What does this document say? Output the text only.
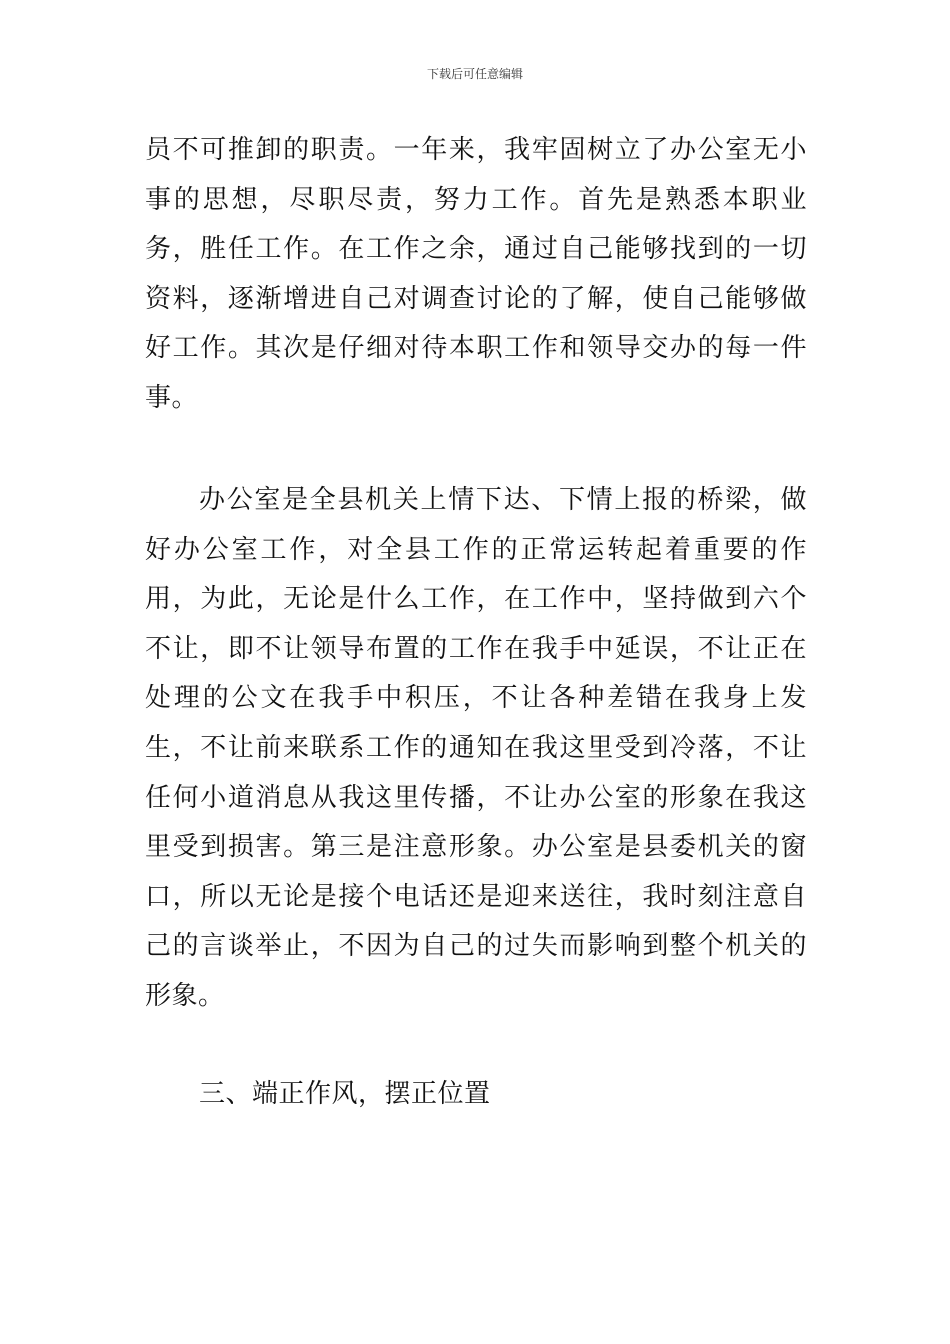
下载后可任意编辑

员不可推卸的职责。一年来，我牢固树立了办公室无小事的思想，尽职尽责，努力工作。首先是熟悉本职业务，胜任工作。在工作之余，通过自己能够找到的一切资料，逐渐增进自己对调查讨论的了解，使自己能够做好工作。其次是仔细对待本职工作和领导交办的每一件事。

办公室是全县机关上情下达、下情上报的桥梁，做好办公室工作，对全县工作的正常运转起着重要的作用，为此，无论是什么工作，在工作中，坚持做到六个不让，即不让领导布置的工作在我手中延误，不让正在处理的公文在我手中积压，不让各种差错在我身上发生，不让前来联系工作的通知在我这里受到冷落，不让任何小道消息从我这里传播，不让办公室的形象在我这里受到损害。第三是注意形象。办公室是县委机关的窗口，所以无论是接个电话还是迎来送往，我时刻注意自己的言谈举止，不因为自己的过失而影响到整个机关的形象。

三、端正作风，摆正位置
